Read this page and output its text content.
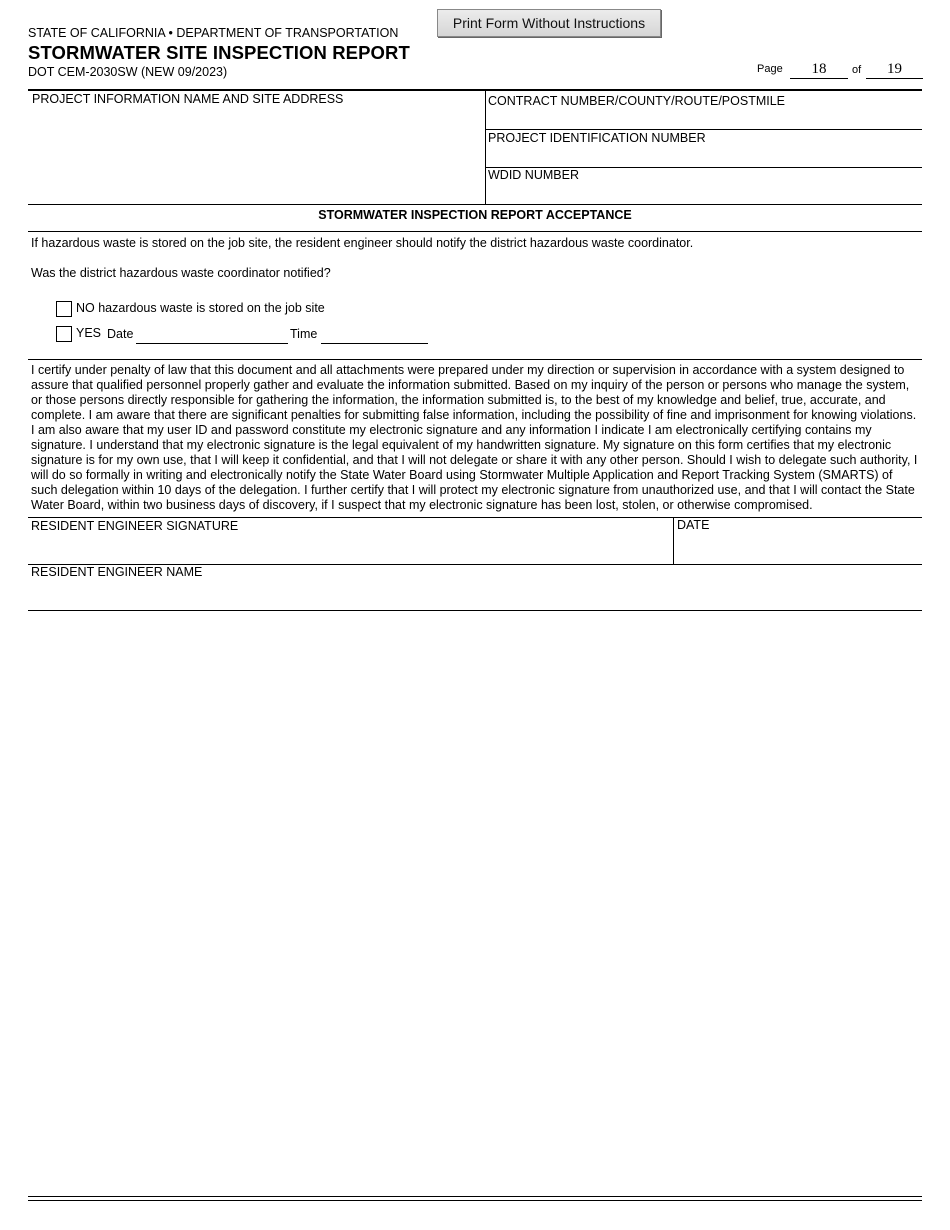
STATE OF CALIFORNIA • DEPARTMENT OF TRANSPORTATION
STORMWATER SITE INSPECTION REPORT
DOT CEM-2030SW (NEW 09/2023)
Print Form Without Instructions
Page	18	of	19
PROJECT INFORMATION NAME AND SITE ADDRESS	CONTRACT NUMBER/COUNTY/ROUTE/POSTMILE
PROJECT IDENTIFICATION NUMBER
WDID NUMBER
STORMWATER INSPECTION REPORT ACCEPTANCE
If hazardous waste is stored on the job site, the resident engineer should notify the district hazardous waste coordinator.
Was the district hazardous waste coordinator notified?
NO hazardous waste is stored on the job site
YES Date	Time
I certify under penalty of law that this document and all attachments were prepared under my direction or supervision in accordance with a system designed to assure that qualified personnel properly gather and evaluate the information submitted. Based on my inquiry of the person or persons who manage the system, or those persons directly responsible for gathering the information, the information submitted is, to the best of my knowledge and belief, true, accurate, and complete. I am aware that there are significant penalties for submitting false information, including the possibility of fine and imprisonment for knowing violations. I am also aware that my user ID and password constitute my electronic signature and any information I indicate I am electronically certifying contains my signature. I understand that my electronic signature is the legal equivalent of my handwritten signature. My signature on this form certifies that my electronic signature is for my own use, that I will keep it confidential, and that I will not delegate or share it with any other person. Should I wish to delegate such authority, I will do so formally in writing and electronically notify the State Water Board using Stormwater Multiple Application and Report Tracking System (SMARTS) of such delegation within 10 days of the delegation. I further certify that I will protect my electronic signature from unauthorized use, and that I will contact the State Water Board, within two business days of discovery, if I suspect that my electronic signature has been lost, stolen, or otherwise compromised.
RESIDENT ENGINEER SIGNATURE	DATE
RESIDENT ENGINEER NAME
